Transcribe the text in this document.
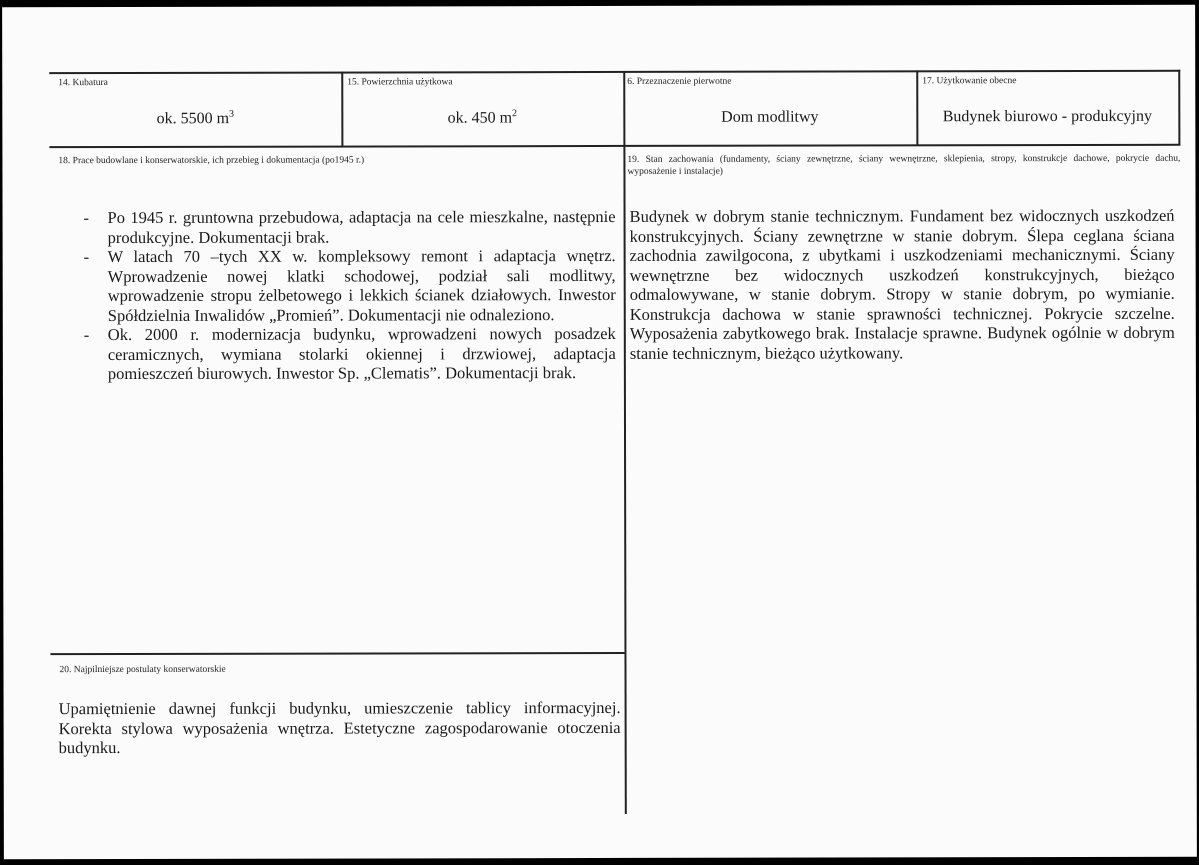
14. Kubatura	15. Powierzchnia użytkowa	6. Przeznaczenie pierwotne	17. Użytkowanie obecne
ok. 5500 $m^3$	ok. 450 $m^2$	Dom modlitwy	Budynek biurowo - produkcyjny
18. Prace budowlane i konserwatorskie, ich przebieg i dokumentacja (po1945 r.)
- Po 1945 r. gruntowna przebudowa, adaptacja na cele mieszkalne, następnie produkcyjne. Dokumentacji brak.
- W latach 70 –tych XX w. kompleksowy remont i adaptacja wnętrz. Wprowadzenie nowej klatki schodowej, podział sali modlitwy, wprowadzenie stropu żelbetowego i lekkich ścianek działowych. Inwestor Spółdzielnia Inwalidów „Promień”. Dokumentacji nie odnaleziono.
- Ok. 2000 r. modernizacja budynku, wprowadzeni nowych posadzek ceramicznych, wymiana stolarki okiennej i drzwiowej, adaptacja pomieszczeń biurowych. Inwestor Sp. „Clematis”. Dokumentacji brak.
19. Stan zachowania (fundamenty, ściany zewnętrzne, ściany wewnętrzne, sklepienia, stropy, konstrukcje dachowe, pokrycie dachu, wyposażenie i instalacje)
Budynek w dobrym stanie technicznym. Fundament bez widocznych uszkodzeń konstrukcyjnych. Ściany zewnętrzne w stanie dobrym. Ślepa ceglana ściana zachodnia zawilgocona, z ubytkami i uszkodzeniami mechanicznymi. Ściany wewnętrzne bez widocznych uszkodzeń konstrukcyjnych, bieżąco odmalowywane, w stanie dobrym. Stropy w stanie dobrym, po wymianie. Konstrukcja dachowa w stanie sprawności technicznej. Pokrycie szczelne. Wyposażenia zabytkowego brak. Instalacje sprawne. Budynek ogólnie w dobrym stanie technicznym, bieżąco użytkowany.
20. Najpilniejsze postulaty konserwatorskie
Upamiętnienie dawnej funkcji budynku, umieszczenie tablicy informacyjnej. Korekta stylowa wyposażenia wnętrza. Estetyczne zagospodarowanie otoczenia budynku.
